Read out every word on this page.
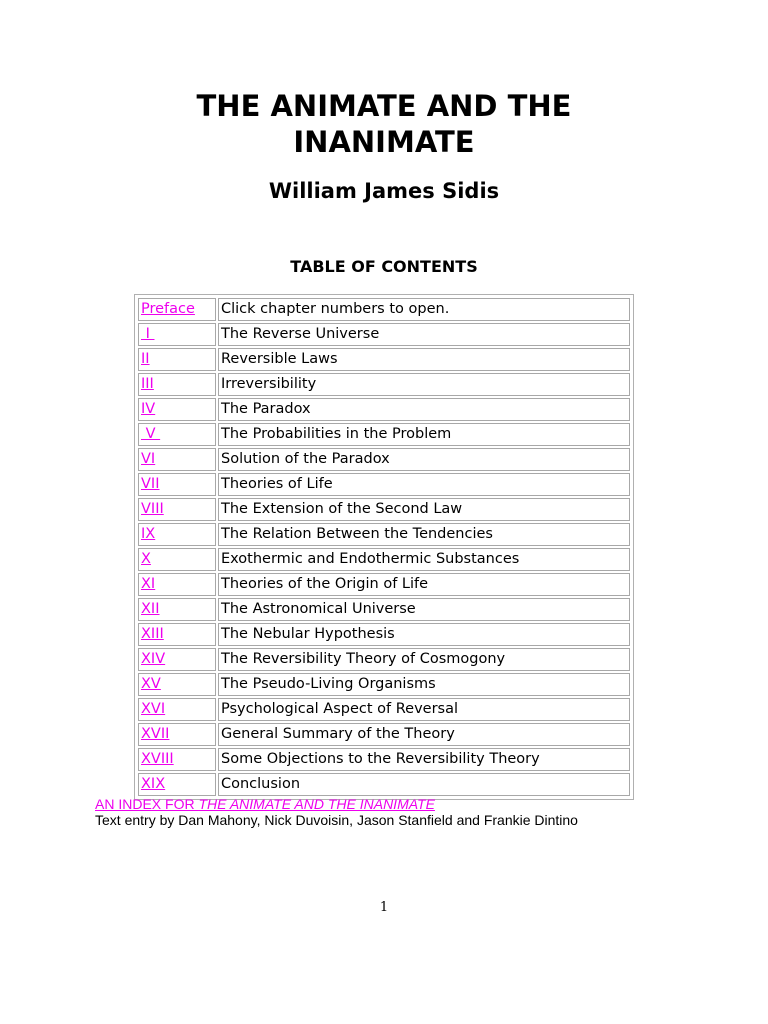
THE ANIMATE AND THE
INANIMATE
William James Sidis
TABLE OF CONTENTS
Preface	Click chapter numbers to open.
I	The Reverse Universe
II	Reversible Laws
III	Irreversibility
IV	The Paradox
V	The Probabilities in the Problem
VI	Solution of the Paradox
VII	Theories of Life
VIII	The Extension of the Second Law
IX	The Relation Between the Tendencies
X	Exothermic and Endothermic Substances
XI	Theories of the Origin of Life
XII	The Astronomical Universe
XIII	The Nebular Hypothesis
XIV	The Reversibility Theory of Cosmogony
XV	The Pseudo-Living Organisms
XVI	Psychological Aspect of Reversal
XVII	General Summary of the Theory
XVIII	Some Objections to the Reversibility Theory
XIX	Conclusion
AN INDEX FOR THE ANIMATE AND THE INANIMATE
Text entry by Dan Mahony, Nick Duvoisin, Jason Stanfield and Frankie Dintino
1
